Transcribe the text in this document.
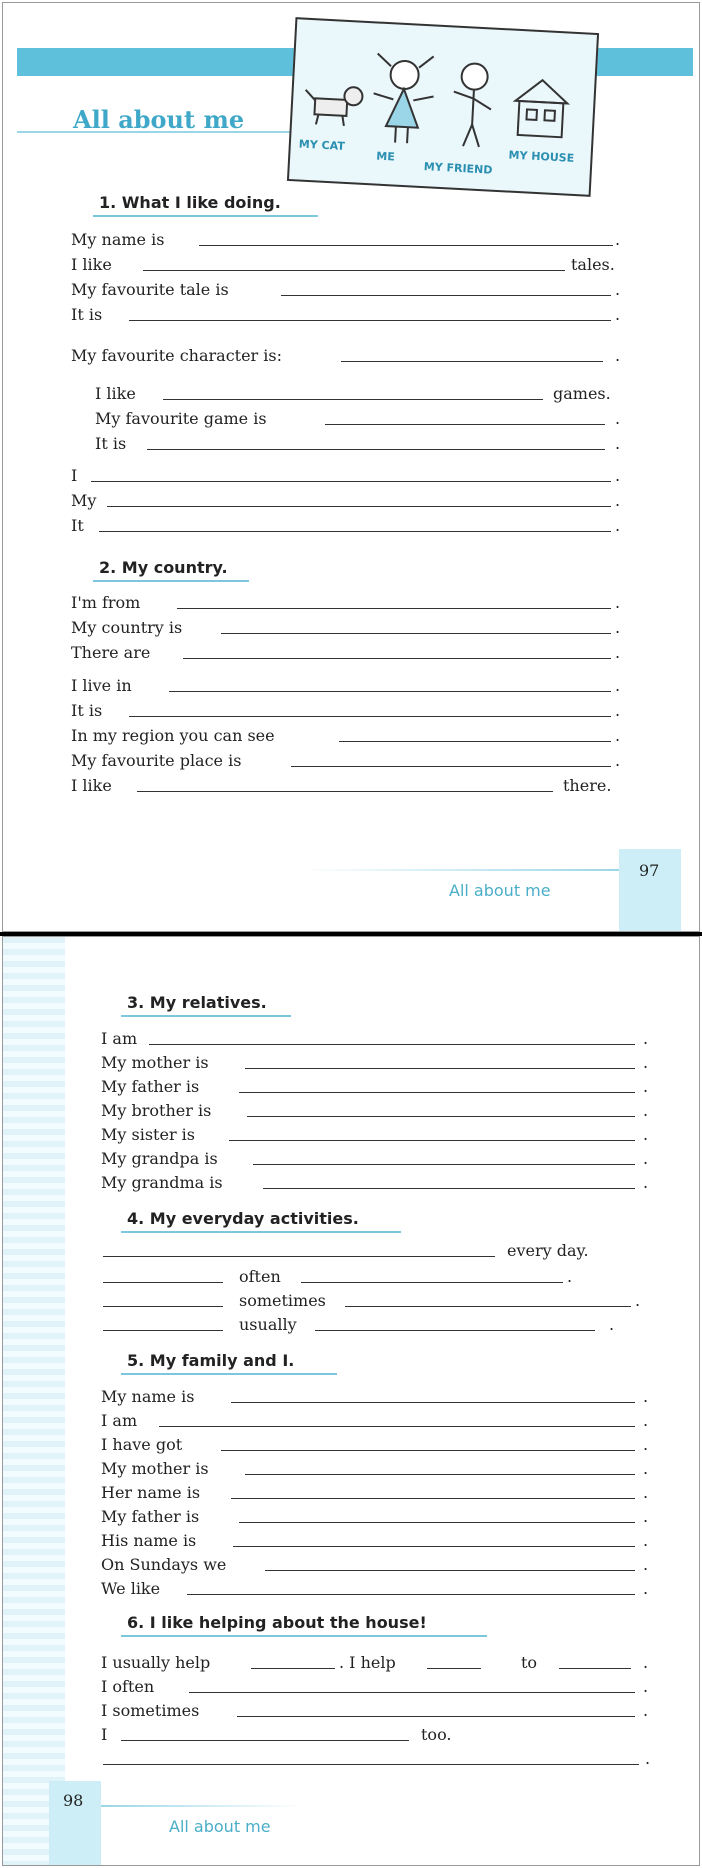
All about me
MY CAT
ME
MY FRIEND
MY HOUSE
1. What I like doing.
My name is	.
I like	tales.
My favourite tale is	.
It is	.
My favourite character is:	.
I like	games.
My favourite game is	.
It is	.
I	.
My	.
It	.
2. My country.
I'm from	.
My country is	.
There are	.
I live in	.
It is	.
In my region you can see	.
My favourite place is	.
I like	there.
All about me
97
3. My relatives.
I am	.
My mother is	.
My father is	.
My brother is	.
My sister is	.
My grandpa is	.
My grandma is	.
4. My everyday activities.
every day.
often	.
sometimes	.
usually	.
5. My family and I.
My name is	.
I am	.
I have got	.
My mother is	.
Her name is	.
My father is	.
His name is	.
On Sundays we	.
We like	.
6. I like helping about the house!
I usually help	. I help	to	.
I often	.
I sometimes	.
I	too.
.
98
All about me
